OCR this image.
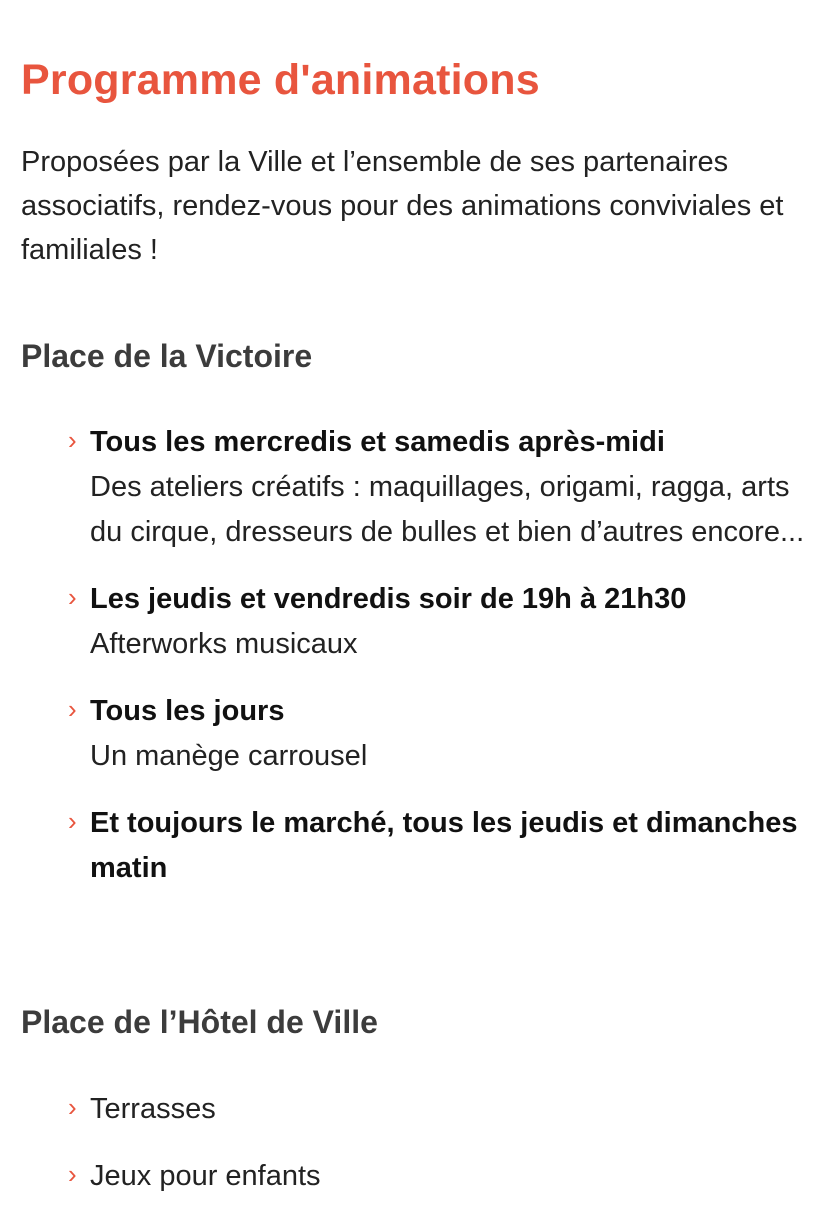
Programme d'animations

Proposées par la Ville et l’ensemble de ses partenaires associatifs, rendez-vous pour des animations conviviales et familiales !

Place de la Victoire
› Tous les mercredis et samedis après-midi
Des ateliers créatifs : maquillages, origami, ragga, arts du cirque, dresseurs de bulles et bien d’autres encore...
› Les jeudis et vendredis soir de 19h à 21h30
Afterworks musicaux
› Tous les jours
Un manège carrousel
› Et toujours le marché, tous les jeudis et dimanches matin
Place de l’Hôtel de Ville
› Terrasses
› Jeux pour enfants
